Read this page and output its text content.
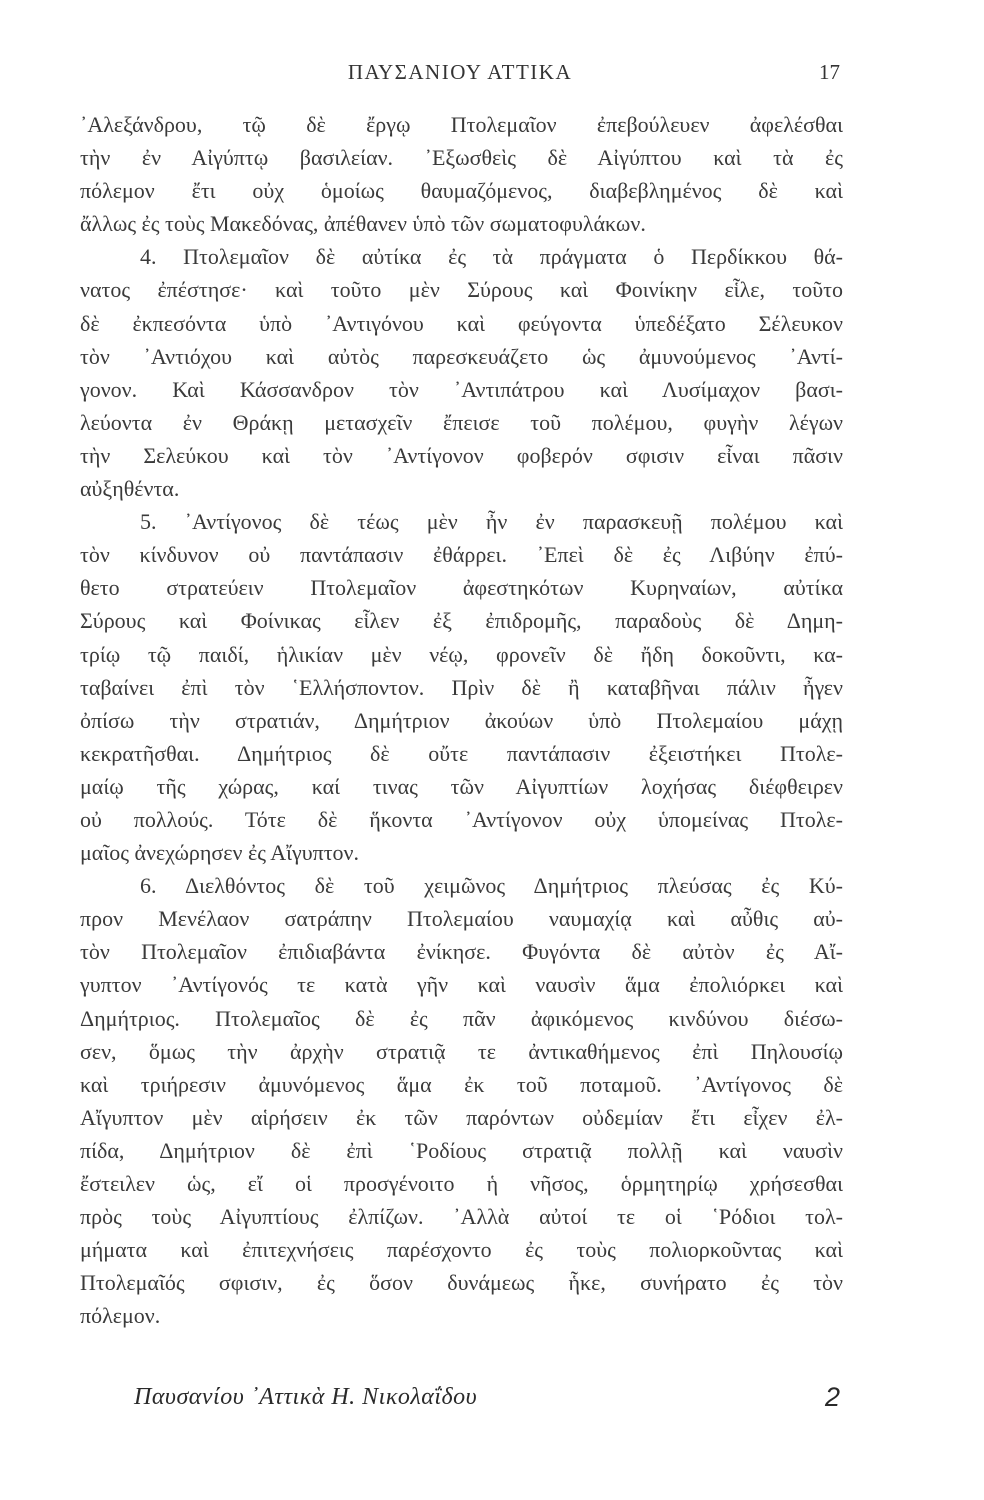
ΠΑΥΣΑΝΙΟΥ ΑΤΤΙΚΑ	17
᾿Αλεξάνδρου, τῷ δὲ ἔργῳ Πτολεμαῖον ἐπεβούλευεν ἀφελέσθαι
τὴν ἐν Αἰγύπτῳ βασιλείαν. ᾿Εξωσθεὶς δὲ Αἰγύπτου καὶ τὰ ἐς
πόλεμον ἔτι οὐχ ὁμοίως θαυμαζόμενος, διαβεβλημένος δὲ καὶ
ἄλλως ἐς τοὺς Μακεδόνας, ἀπέθανεν ὑπὸ τῶν σωματοφυλάκων.
4. Πτολεμαῖον δὲ αὐτίκα ἐς τὰ πράγματα ὁ Περδίκκου θά-
νατος ἐπέστησε· καὶ τοῦτο μὲν Σύρους καὶ Φοινίκην εἷλε, τοῦτο
δὲ ἐκπεσόντα ὑπὸ ᾿Αντιγόνου καὶ φεύγοντα ὑπεδέξατο Σέλευκον
τὸν ᾿Αντιόχου καὶ αὐτὸς παρεσκευάζετο ὡς ἀμυνούμενος ᾿Αντί-
γονον. Καὶ Κάσσανδρον τὸν ᾿Αντιπάτρου καὶ Λυσίμαχον βασι-
λεύοντα ἐν Θράκῃ μετασχεῖν ἔπεισε τοῦ πολέμου, φυγὴν λέγων
τὴν Σελεύκου καὶ τὸν ᾿Αντίγονον φοβερόν σφισιν εἶναι πᾶσιν
αὐξηθέντα.
5. ᾿Αντίγονος δὲ τέως μὲν ἦν ἐν παρασκευῇ πολέμου καὶ
τὸν κίνδυνον οὐ παντάπασιν ἐθάρρει. ᾿Επεὶ δὲ ἐς Λιβύην ἐπύ-
θετο στρατεύειν Πτολεμαῖον ἀφεστηκότων Κυρηναίων, αὐτίκα
Σύρους καὶ Φοίνικας εἷλεν ἐξ ἐπιδρομῆς, παραδοὺς δὲ Δημη-
τρίῳ τῷ παιδί, ἡλικίαν μὲν νέῳ, φρονεῖν δὲ ἤδη δοκοῦντι, κα-
ταβαίνει ἐπὶ τὸν ῾Ελλήσποντον. Πρὶν δὲ ἢ καταβῆναι πάλιν ἦγεν
ὀπίσω τὴν στρατιάν, Δημήτριον ἀκούων ὑπὸ Πτολεμαίου μάχῃ
κεκρατῆσθαι. Δημήτριος δὲ οὔτε παντάπασιν ἐξειστήκει Πτολε-
μαίῳ τῆς χώρας, καί τινας τῶν Αἰγυπτίων λοχήσας διέφθειρεν
οὐ πολλούς. Τότε δὲ ἥκοντα ᾿Αντίγονον οὐχ ὑπομείνας Πτολε-
μαῖος ἀνεχώρησεν ἐς Αἴγυπτον.
6. Διελθόντος δὲ τοῦ χειμῶνος Δημήτριος πλεύσας ἐς Κύ-
προν Μενέλαον σατράπην Πτολεμαίου ναυμαχίᾳ καὶ αὖθις αὐ-
τὸν Πτολεμαῖον ἐπιδιαβάντα ἐνίκησε. Φυγόντα δὲ αὐτὸν ἐς Αἴ-
γυπτον ᾿Αντίγονός τε κατὰ γῆν καὶ ναυσὶν ἅμα ἐπολιόρκει καὶ
Δημήτριος. Πτολεμαῖος δὲ ἐς πᾶν ἀφικόμενος κινδύνου διέσω-
σεν, ὅμως τὴν ἀρχὴν στρατιᾷ τε ἀντικαθήμενος ἐπὶ Πηλουσίῳ
καὶ τριήρεσιν ἀμυνόμενος ἅμα ἐκ τοῦ ποταμοῦ. ᾿Αντίγονος δὲ
Αἴγυπτον μὲν αἱρήσειν ἐκ τῶν παρόντων οὐδεμίαν ἔτι εἶχεν ἐλ-
πίδα, Δημήτριον δὲ ἐπὶ ῾Ροδίους στρατιᾷ πολλῇ καὶ ναυσὶν
ἔστειλεν ὡς, εἴ οἱ προσγένοιτο ἡ νῆσος, ὁρμητηρίῳ χρήσεσθαι
πρὸς τοὺς Αἰγυπτίους ἐλπίζων. ᾿Αλλὰ αὐτοί τε οἱ ῾Ρόδιοι τολ-
μήματα καὶ ἐπιτεχνήσεις παρέσχοντο ἐς τοὺς πολιορκοῦντας καὶ
Πτολεμαῖός σφισιν, ἐς ὅσον δυνάμεως ἧκε, συνήρατο ἐς τὸν
πόλεμον.
Παυσανίου ᾿Αττικὰ Η. Νικολαΐδου	2
